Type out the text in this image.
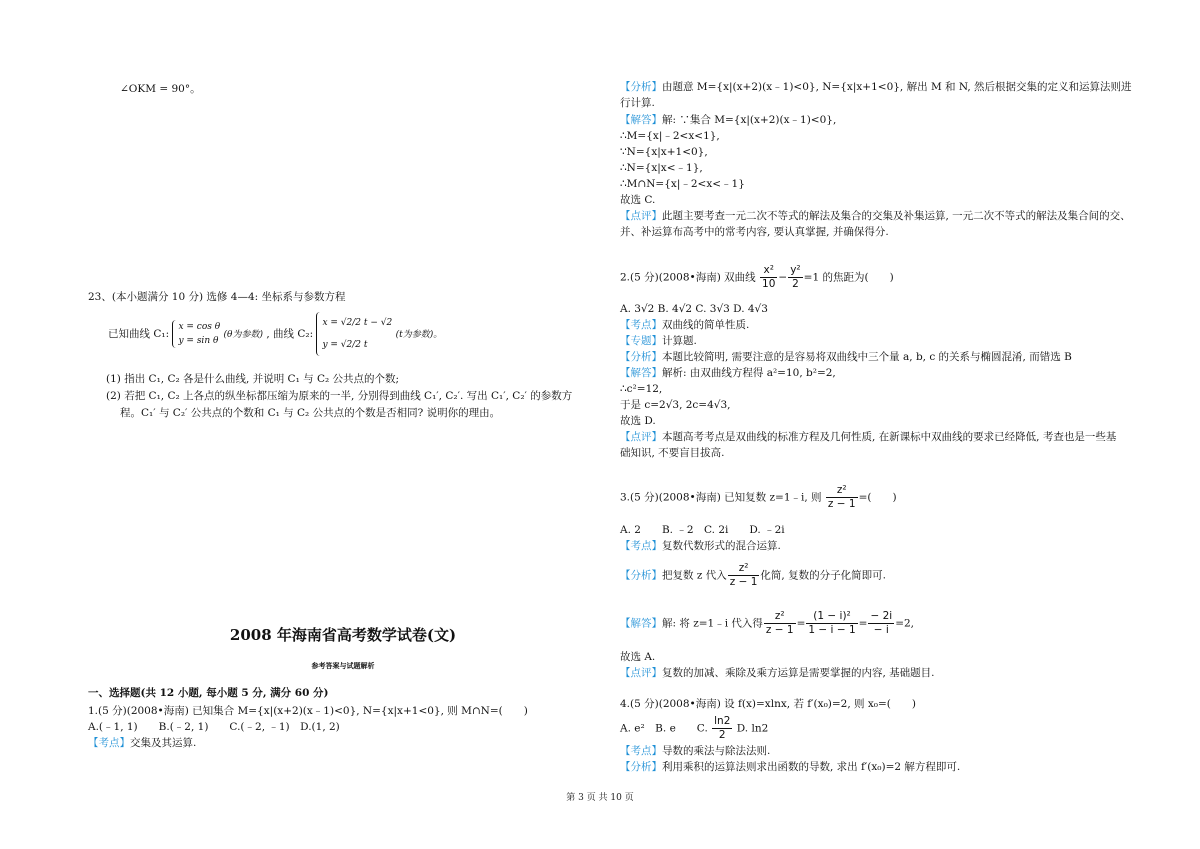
∠OKM = 90°。
23、(本小题满分 10 分) 选修 4—4: 坐标系与参数方程
已知曲线 C₁:
x = cos θ
y = sin θ
(θ为参数) , 曲线 C₂:
x = √2/2 t − √2
y = √2/2 t
(t为参数)。
(1) 指出 C₁, C₂ 各是什么曲线, 并说明 C₁ 与 C₂ 公共点的个数;
(2) 若把 C₁, C₂ 上各点的纵坐标都压缩为原来的一半, 分别得到曲线 C₁′, C₂′. 写出 C₁′, C₂′ 的参数方
程。C₁′ 与 C₂′ 公共点的个数和 C₁ 与 C₂ 公共点的个数是否相同? 说明你的理由。
2008 年海南省高考数学试卷(文)
参考答案与试题解析
一、选择题(共 12 小题, 每小题 5 分, 满分 60 分)
1.(5 分)(2008•海南) 已知集合 M={x|(x+2)(x﹣1)<0}, N={x|x+1<0}, 则 M∩N=(　　)
A.(﹣1, 1)　　B.(﹣2, 1)　　C.(﹣2, ﹣1)　D.(1, 2)
【考点】交集及其运算.
【分析】由题意 M={x|(x+2)(x﹣1)<0}, N={x|x+1<0}, 解出 M 和 N, 然后根据交集的定义和运算法则进
行计算.
【解答】解: ∵集合 M={x|(x+2)(x﹣1)<0},
∴M={x|﹣2<x<1},
∵N={x|x+1<0},
∴N={x|x<﹣1},
∴M∩N={x|﹣2<x<﹣1}
故选 C.
【点评】此题主要考查一元二次不等式的解法及集合的交集及补集运算, 一元二次不等式的解法及集合间的交、
并、补运算布高考中的常考内容, 要认真掌握, 并确保得分.
2.(5 分)(2008•海南) 双曲线 $\frac{\text{x²}}{10} - \frac{\text{y²}}{2} =1$ 的焦距为(　　)
A. 3√2 B. 4√2 C. 3√3 D. 4√3
【考点】双曲线的简单性质.
【专题】计算题.
【分析】本题比较简明, 需要注意的是容易将双曲线中三个量 a, b, c 的关系与椭圆混淆, 而错选 B
【解答】解析: 由双曲线方程得 a²=10, b²=2,
∴c²=12,
于是 c=2√3, 2c=4√3,
故选 D.
【点评】本题高考考点是双曲线的标准方程及几何性质, 在新课标中双曲线的要求已经降低, 考查也是一些基
础知识, 不要盲目拔高.
3.(5 分)(2008•海南) 已知复数 z=1﹣i, 则 $\frac{\text{z²}}{z - 1}$ =(　　)
A. 2　　B. ﹣2　C. 2i　　D. ﹣2i
【考点】复数代数形式的混合运算.
【分析】把复数 z 代入 $\frac{\text{z²}}{z - 1}$ 化简, 复数的分子化简即可.
【解答】解: 将 z=1﹣i 代入得 $\frac{\text{z²}}{z - 1} = \frac{\text{(1 − i)²}}{1 - i - 1} = \frac{- 2i}{- i} =2$,
故选 A.
【点评】复数的加减、乘除及乘方运算是需要掌握的内容, 基础题目.
4.(5 分)(2008•海南) 设 f(x)=xlnx, 若 f′(x₀)=2, 则 x₀=(　　)
A. e²　B. e　　C. $\frac{\ln 2}{2} D$. ln2
【考点】导数的乘法与除法法则.
【分析】利用乘积的运算法则求出函数的导数, 求出 f′(x₀)=2 解方程即可.
第 3 页 共 10 页
